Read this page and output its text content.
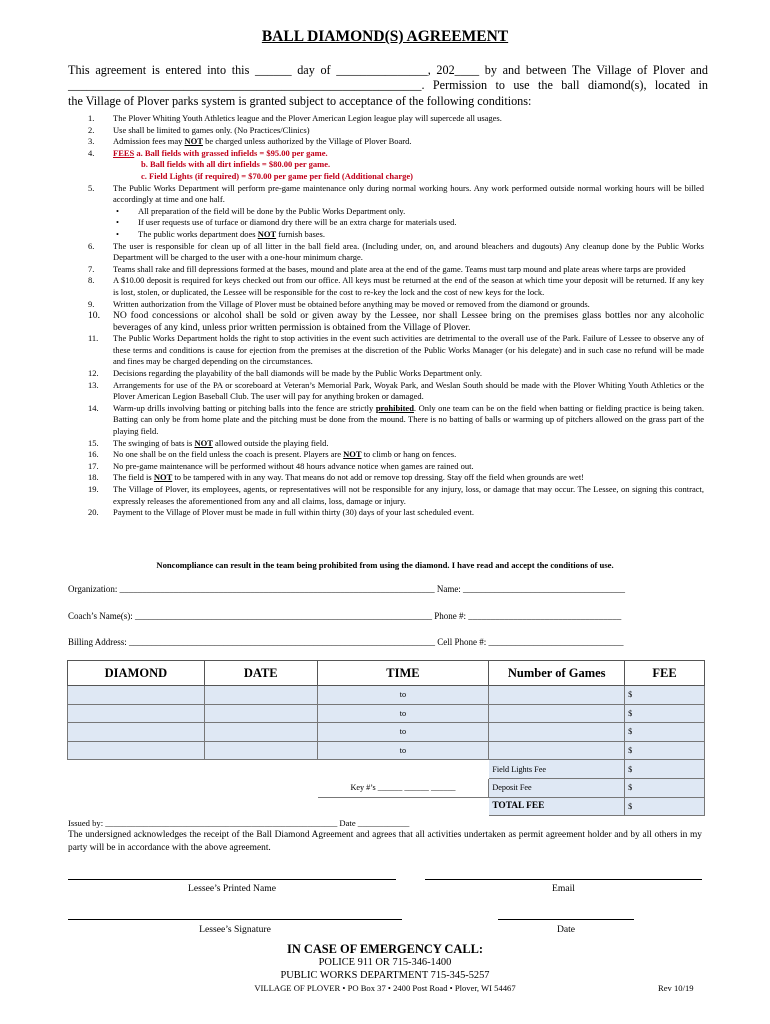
BALL DIAMOND(S) AGREEMENT

This agreement is entered into this ______ day of _______________, 202____ by and between The Village of Plover and

__________________________________________________________. Permission to use the ball diamond(s), located in

the Village of Plover parks system is granted subject to acceptance of the following conditions:

1. The Plover Whiting Youth Athletics league and the Plover American Legion league play will supercede all usages.
2. Use shall be limited to games only. (No Practices/Clinics)
3. Admission fees may NOT be charged unless authorized by the Village of Plover Board.
4. FEES a. Ball fields with grassed infields = $95.00 per game.
b. Ball fields with all dirt infields = $80.00 per game.
c. Field Lights (if required) = $70.00 per game per field (Additional charge)
5. The Public Works Department will perform pre-game maintenance only during normal working hours. Any work performed outside normal working hours will be billed accordingly at time and one half.
• All preparation of the field will be done by the Public Works Department only.
• If user requests use of turface or diamond dry there will be an extra charge for materials used.
• The public works department does NOT furnish bases.
6. The user is responsible for clean up of all litter in the ball field area. (Including under, on, and around bleachers and dugouts) Any cleanup done by the Public Works Department will be charged to the user with a one-hour minimum charge.
7. Teams shall rake and fill depressions formed at the bases, mound and plate area at the end of the game. Teams must tarp mound and plate areas where tarps are provided
8. A $10.00 deposit is required for keys checked out from our office. All keys must be returned at the end of the season at which time your deposit will be returned. If any key is lost, stolen, or duplicated, the Lessee will be responsible for the cost to re-key the lock and the cost of new keys for the lock.
9. Written authorization from the Village of Plover must be obtained before anything may be moved or removed from the diamond or grounds.
10. NO food concessions or alcohol shall be sold or given away by the Lessee, nor shall Lessee bring on the premises glass bottles nor any alcoholic beverages of any kind, unless prior written permission is obtained from the Village of Plover.
11. The Public Works Department holds the right to stop activities in the event such activities are detrimental to the overall use of the Park. Failure of Lessee to observe any of these terms and conditions is cause for ejection from the premises at the discretion of the Public Works Manager (or his delegate) and in such case no refund will be made and fines may be charged depending on the circumstances.
12. Decisions regarding the playability of the ball diamonds will be made by the Public Works Department only.
13. Arrangements for use of the PA or scoreboard at Veteran’s Memorial Park, Woyak Park, and Weslan South should be made with the Plover Whiting Youth Athletics or the Plover American Legion Baseball Club. The user will pay for anything broken or damaged.
14. Warm-up drills involving batting or pitching balls into the fence are strictly prohibited. Only one team can be on the field when batting or fielding practice is being taken. Batting can only be from home plate and the pitching must be done from the mound. There is no batting of balls or warming up of pitchers allowed on the grass part of the playing field.
15. The swinging of bats is NOT allowed outside the playing field.
16. No one shall be on the field unless the coach is present. Players are NOT to climb or hang on fences.
17. No pre-game maintenance will be performed without 48 hours advance notice when games are rained out.
18. The field is NOT to be tampered with in any way. That means do not add or remove top dressing. Stay off the field when grounds are wet!
19. The Village of Plover, its employees, agents, or representatives will not be responsible for any injury, loss, or damage that may occur. The Lessee, on signing this contract, expressly releases the aforementioned from any and all claims, loss, damage or injury.
20. Payment to the Village of Plover must be made in full within thirty (30) days of your last scheduled event.
Noncompliance can result in the team being prohibited from using the diamond. I have read and accept the conditions of use.
Organization: ______________________________________________________________________ Name: ____________________________________
Coach’s Name(s): __________________________________________________________________ Phone #: __________________________________
Billing Address: ____________________________________________________________________ Cell Phone #: ______________________________
DIAMOND	DATE	TIME	Number of Games	FEE
		to		$
		to		$
		to		$
		to		$
			Field Lights Fee	$
		Key #’s ______ ______ ______	Deposit Fee	$
			TOTAL FEE	$
Issued by: ______________________________________________________ Date ____________
The undersigned acknowledges the receipt of the Ball Diamond Agreement and agrees that all activities undertaken as permit agreement holder and by all others in my party will be in accordance with the above agreement.
Lessee’s Printed Name	Email
Lessee’s Signature	Date
IN CASE OF EMERGENCY CALL:
POLICE 911 OR 715-346-1400
PUBLIC WORKS DEPARTMENT 715-345-5257
VILLAGE OF PLOVER • PO Box 37 • 2400 Post Road • Plover, WI 54467	Rev 10/19
